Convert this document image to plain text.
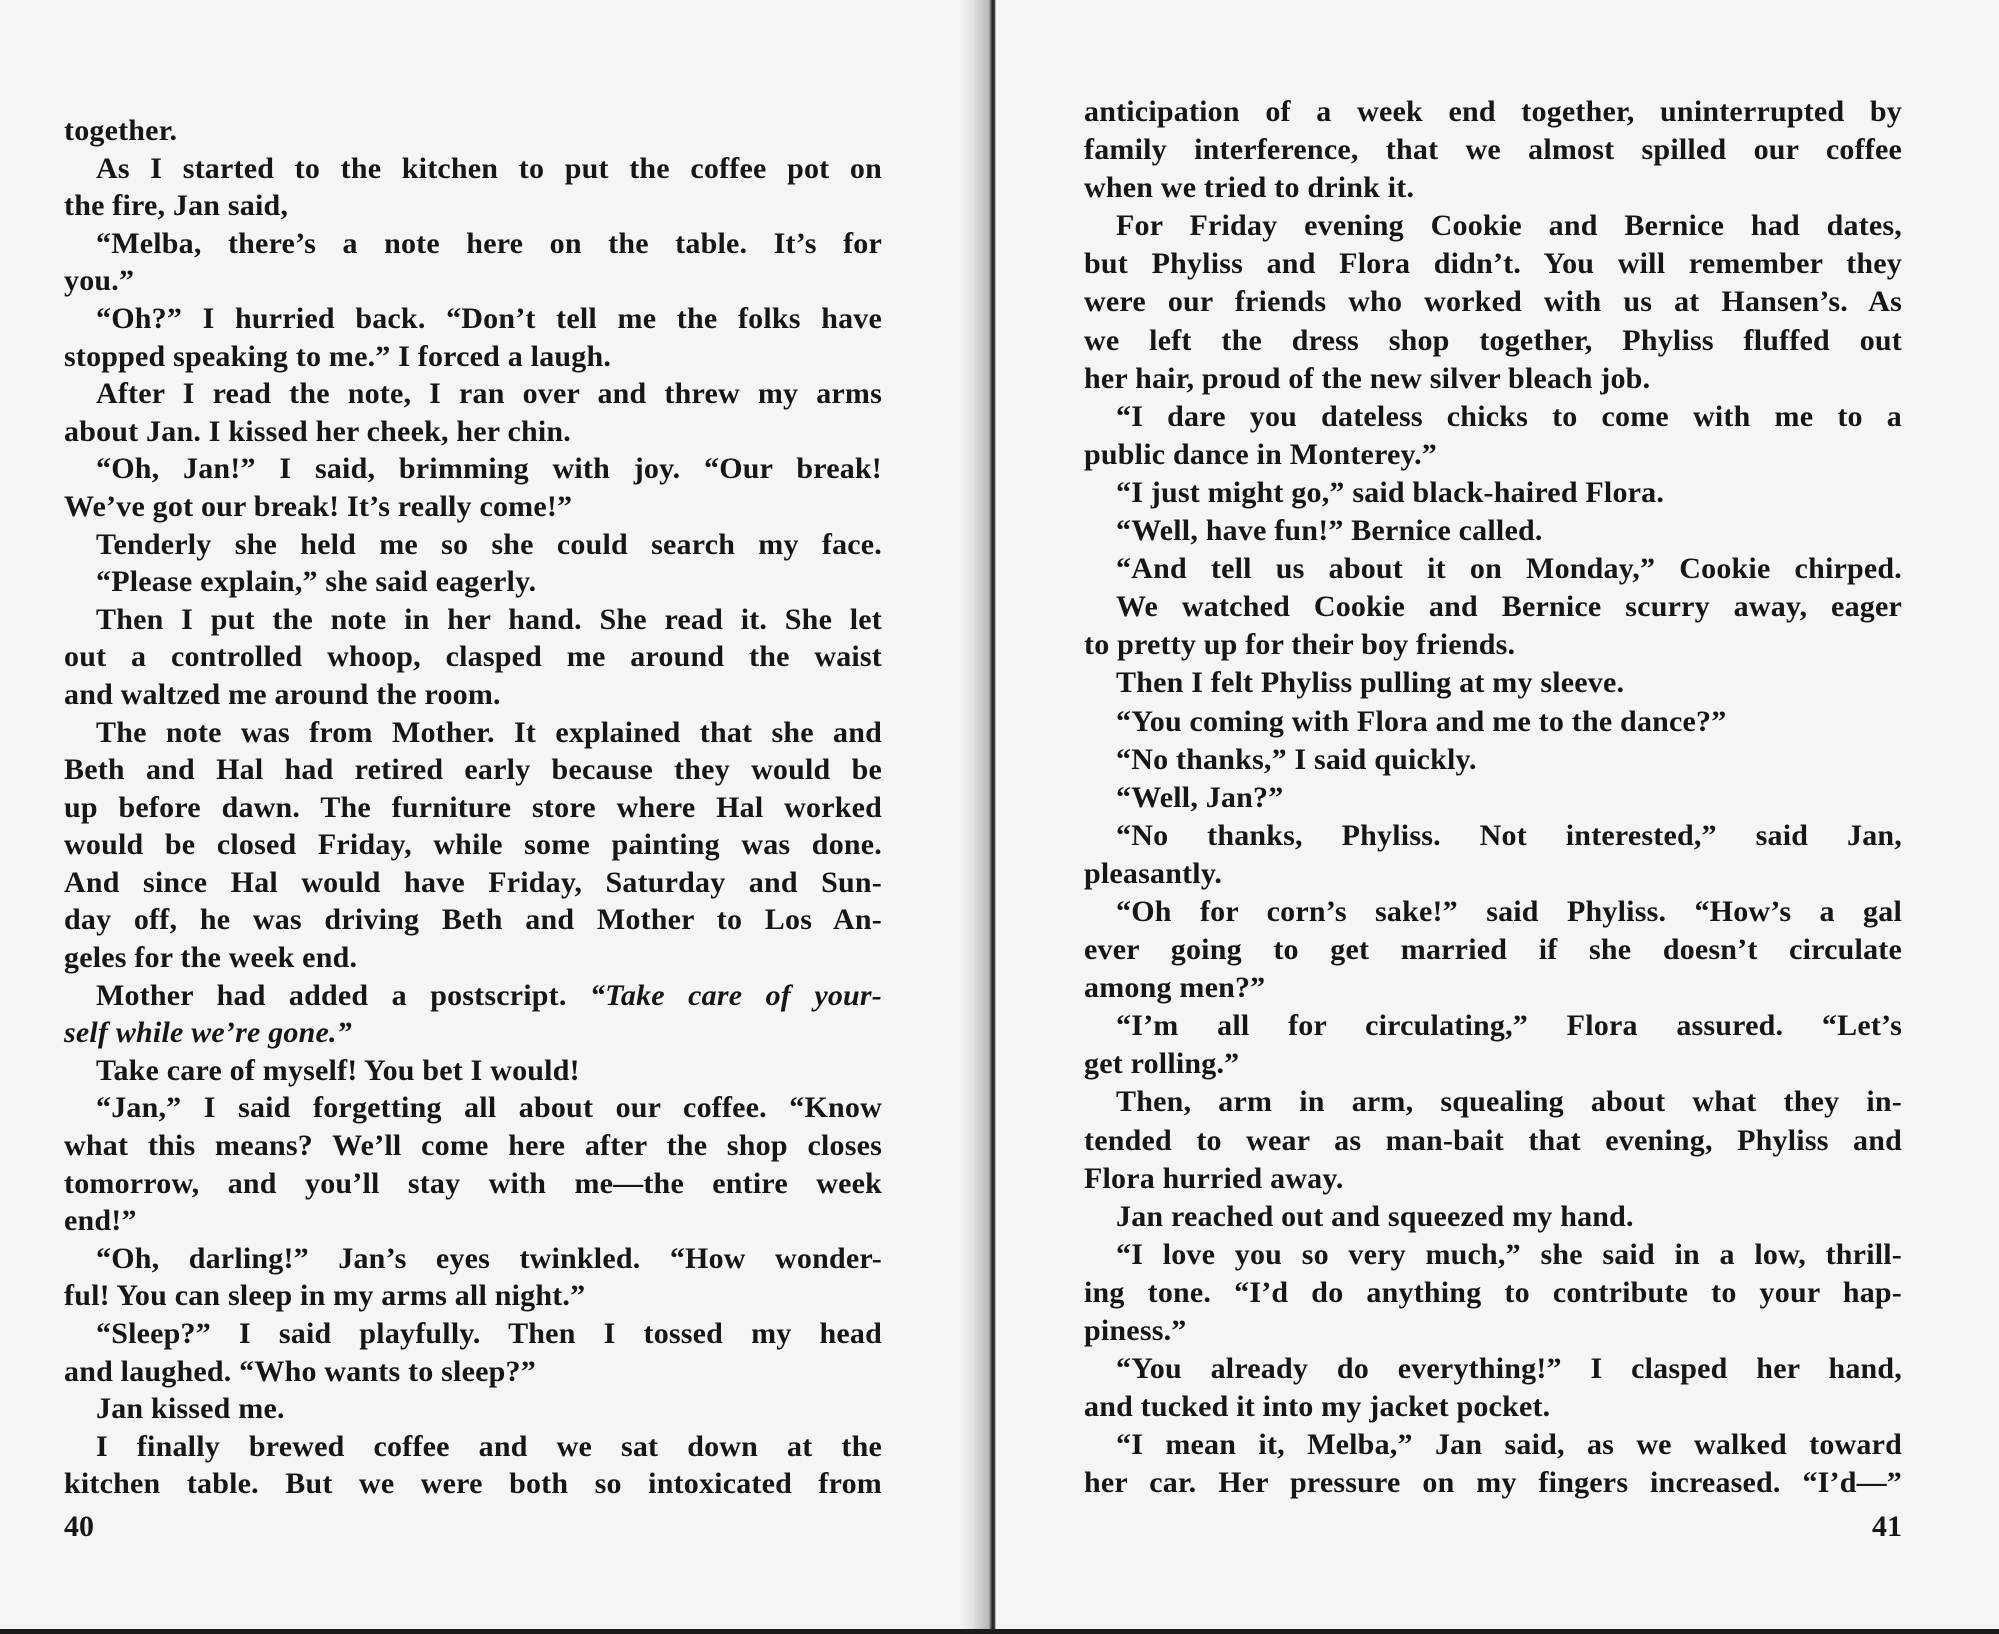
together.
As I started to the kitchen to put the coffee pot on
the fire, Jan said,
“Melba, there’s a note here on the table. It’s for
you.”
“Oh?” I hurried back. “Don’t tell me the folks have
stopped speaking to me.” I forced a laugh.
After I read the note, I ran over and threw my arms
about Jan. I kissed her cheek, her chin.
“Oh, Jan!” I said, brimming with joy. “Our break!
We’ve got our break! It’s really come!”
Tenderly she held me so she could search my face.
“Please explain,” she said eagerly.
Then I put the note in her hand. She read it. She let
out a controlled whoop, clasped me around the waist
and waltzed me around the room.
The note was from Mother. It explained that she and
Beth and Hal had retired early because they would be
up before dawn. The furniture store where Hal worked
would be closed Friday, while some painting was done.
And since Hal would have Friday, Saturday and Sun-
day off, he was driving Beth and Mother to Los An-
geles for the week end.
Mother had added a postscript. “Take care of your-
self while we’re gone.”
Take care of myself! You bet I would!
“Jan,” I said forgetting all about our coffee. “Know
what this means? We’ll come here after the shop closes
tomorrow, and you’ll stay with me—the entire week
end!”
“Oh, darling!” Jan’s eyes twinkled. “How wonder-
ful! You can sleep in my arms all night.”
“Sleep?” I said playfully. Then I tossed my head
and laughed. “Who wants to sleep?”
Jan kissed me.
I finally brewed coffee and we sat down at the
kitchen table. But we were both so intoxicated from
anticipation of a week end together, uninterrupted by
family interference, that we almost spilled our coffee
when we tried to drink it.
For Friday evening Cookie and Bernice had dates,
but Phyliss and Flora didn’t. You will remember they
were our friends who worked with us at Hansen’s. As
we left the dress shop together, Phyliss fluffed out
her hair, proud of the new silver bleach job.
“I dare you dateless chicks to come with me to a
public dance in Monterey.”
“I just might go,” said black-haired Flora.
“Well, have fun!” Bernice called.
“And tell us about it on Monday,” Cookie chirped.
We watched Cookie and Bernice scurry away, eager
to pretty up for their boy friends.
Then I felt Phyliss pulling at my sleeve.
“You coming with Flora and me to the dance?”
“No thanks,” I said quickly.
“Well, Jan?”
“No thanks, Phyliss. Not interested,” said Jan,
pleasantly.
“Oh for corn’s sake!” said Phyliss. “How’s a gal
ever going to get married if she doesn’t circulate
among men?”
“I’m all for circulating,” Flora assured. “Let’s
get rolling.”
Then, arm in arm, squealing about what they in-
tended to wear as man-bait that evening, Phyliss and
Flora hurried away.
Jan reached out and squeezed my hand.
“I love you so very much,” she said in a low, thrill-
ing tone. “I’d do anything to contribute to your hap-
piness.”
“You already do everything!” I clasped her hand,
and tucked it into my jacket pocket.
“I mean it, Melba,” Jan said, as we walked toward
her car. Her pressure on my fingers increased. “I’d—”
40	41
